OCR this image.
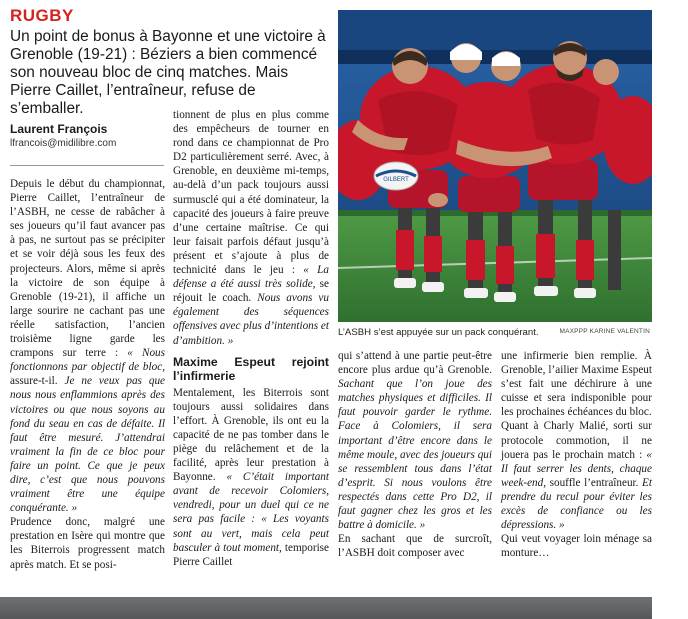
RUGBY
Un point de bonus à Bayonne et une victoire à Grenoble (19-21) : Béziers a bien commencé son nouveau bloc de cinq matches. Mais Pierre Caillet, l’entraîneur, refuse de s’emballer.
Laurent François
lfrancois@midilibre.com

Depuis le début du championnat, Pierre Caillet, l’entraîneur de l’ASBH, ne cesse de rabâcher à ses joueurs qu’il faut avancer pas à pas, ne surtout pas se précipiter et se voir déjà sous les feux des projecteurs. Alors, même si après la victoire de son équipe à Grenoble (19-21), il affiche un large sourire ne cachant pas une réelle satisfaction, l’ancien troisième ligne garde les crampons sur terre : « Nous fonctionnons par objectif de bloc, assure-t-il. Je ne veux pas que nous nous enflammions après des victoires ou que nous soyons au fond du seau en cas de défaite. Il faut être mesuré. J’attendrai vraiment la fin de ce bloc pour faire un point. Ce que je peux dire, c’est que nous pouvons vraiment être une équipe conquérante. »

Prudence donc, malgré une prestation en Isère qui montre que les Biterrois progressent match après match. Et se posi-

tionnent de plus en plus comme des empêcheurs de tourner en rond dans ce championnat de Pro D2 particulièrement serré. Avec, à Grenoble, en deuxième mi-temps, au-delà d’un pack toujours aussi surmusclé qui a été dominateur, la capacité des joueurs à faire preuve d’une certaine maîtrise. Ce qui leur faisait parfois défaut jusqu’à présent et s’ajoute à plus de technicité dans le jeu : « La défense a été aussi très solide, se réjouit le coach. Nous avons vu également des séquences offensives avec plus d’intentions et d’ambition. »

Maxime Espeut rejoint l’infirmerie

Mentalement, les Biterrois sont toujours aussi solidaires dans l’effort. À Grenoble, ils ont eu la capacité de ne pas tomber dans le piège du relâchement et de la facilité, après leur prestation à Bayonne. « C’était important avant de recevoir Colomiers, vendredi, pour un duel qui ce ne sera pas facile : « Les voyants sont au vert, mais cela peut basculer à tout moment, temporise Pierre Caillet

GILBERT
L’ASBH s’est appuyée sur un pack conquérant.	MAXPPP KARINE VALENTIN

qui s’attend à une partie peut-être encore plus ardue qu’à Grenoble. Sachant que l’on joue des matches physiques et difficiles. Il faut pouvoir garder le rythme. Face à Colomiers, il sera important d’être encore dans le même moule, avec des joueurs qui se ressemblent tous dans l’état d’esprit. Si nous voulons être respectés dans cette Pro D2, il faut gagner chez les gros et les battre à domicile. »

En sachant que de surcroît, l’ASBH doit composer avec

une infirmerie bien remplie. À Grenoble, l’ailier Maxime Espeut s’est fait une déchirure à une cuisse et sera indisponible pour les prochaines échéances du bloc.

Quant à Charly Malié, sorti sur protocole commotion, il ne jouera pas le prochain match : « Il faut serrer les dents, chaque week-end, souffle l’entraîneur. Et prendre du recul pour éviter les excès de confiance ou les dépressions. »

Qui veut voyager loin ménage sa monture…
